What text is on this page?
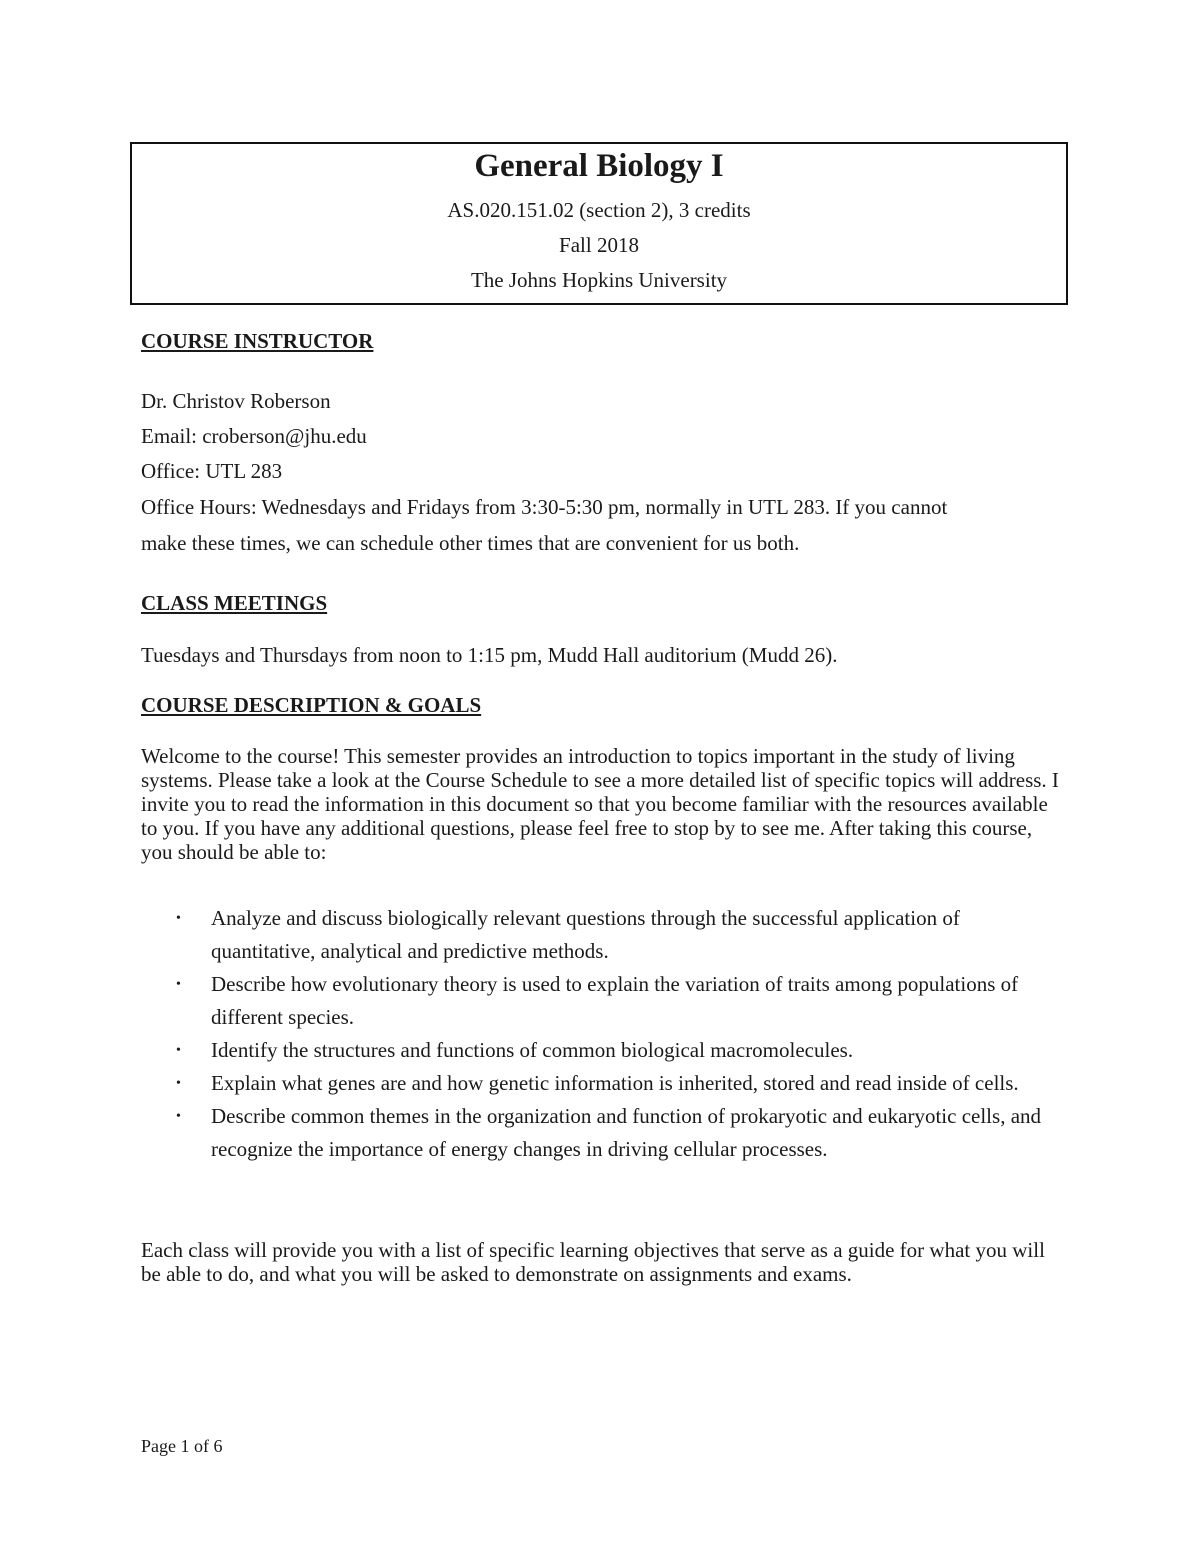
General Biology I
AS.020.151.02 (section 2), 3 credits
Fall 2018
The Johns Hopkins University
COURSE INSTRUCTOR
Dr. Christov Roberson
Email: croberson@jhu.edu
Office: UTL 283
Office Hours: Wednesdays and Fridays from 3:30-5:30 pm, normally in UTL 283. If you cannot
make these times, we can schedule other times that are convenient for us both.
CLASS MEETINGS
Tuesdays and Thursdays from noon to 1:15 pm, Mudd Hall auditorium (Mudd 26).
COURSE DESCRIPTION & GOALS
Welcome to the course! This semester provides an introduction to topics important in the study of living systems. Please take a look at the Course Schedule to see a more detailed list of specific topics will address. I invite you to read the information in this document so that you become familiar with the resources available to you. If you have any additional questions, please feel free to stop by to see me. After taking this course, you should be able to:
• Analyze and discuss biologically relevant questions through the successful application of quantitative, analytical and predictive methods.
• Describe how evolutionary theory is used to explain the variation of traits among populations of different species.
• Identify the structures and functions of common biological macromolecules.
• Explain what genes are and how genetic information is inherited, stored and read inside of cells.
• Describe common themes in the organization and function of prokaryotic and eukaryotic cells, and recognize the importance of energy changes in driving cellular processes.
Each class will provide you with a list of specific learning objectives that serve as a guide for what you will be able to do, and what you will be asked to demonstrate on assignments and exams.
Page 1 of 6
